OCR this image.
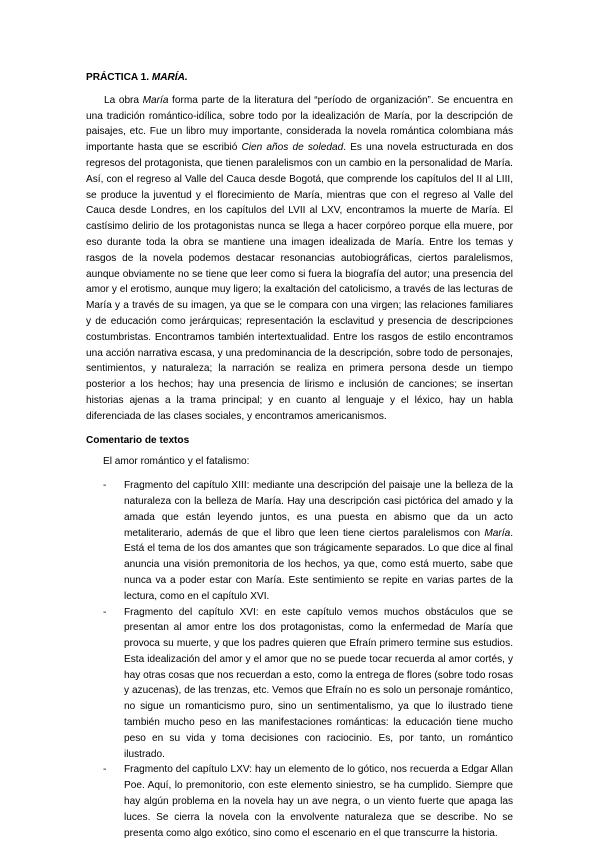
PRÁCTICA 1. MARÍA.

La obra María forma parte de la literatura del “período de organización”. Se encuentra en una tradición romántico-idílica, sobre todo por la idealización de María, por la descripción de paisajes, etc. Fue un libro muy importante, considerada la novela romántica colombiana más importante hasta que se escribió Cien años de soledad. Es una novela estructurada en dos regresos del protagonista, que tienen paralelismos con un cambio en la personalidad de María. Así, con el regreso al Valle del Cauca desde Bogotá, que comprende los capítulos del II al LIII, se produce la juventud y el florecimiento de María, mientras que con el regreso al Valle del Cauca desde Londres, en los capítulos del LVII al LXV, encontramos la muerte de María. El castísimo delirio de los protagonistas nunca se llega a hacer corpóreo porque ella muere, por eso durante toda la obra se mantiene una imagen idealizada de María. Entre los temas y rasgos de la novela podemos destacar resonancias autobiográficas, ciertos paralelismos, aunque obviamente no se tiene que leer como si fuera la biografía del autor; una presencia del amor y el erotismo, aunque muy ligero; la exaltación del catolicismo, a través de las lecturas de María y a través de su imagen, ya que se le compara con una virgen; las relaciones familiares y de educación como jerárquicas; representación la esclavitud y presencia de descripciones costumbristas. Encontramos también intertextualidad. Entre los rasgos de estilo encontramos una acción narrativa escasa, y una predominancia de la descripción, sobre todo de personajes, sentimientos, y naturaleza; la narración se realiza en primera persona desde un tiempo posterior a los hechos; hay una presencia de lirismo e inclusión de canciones; se insertan historias ajenas a la trama principal; y en cuanto al lenguaje y el léxico, hay un habla diferenciada de las clases sociales, y encontramos americanismos.

Comentario de textos

El amor romántico y el fatalismo:

- Fragmento del capítulo XIII: mediante una descripción del paisaje une la belleza de la naturaleza con la belleza de María. Hay una descripción casi pictórica del amado y la amada que están leyendo juntos, es una puesta en abismo que da un acto metaliterario, además de que el libro que leen tiene ciertos paralelismos con María. Está el tema de los dos amantes que son trágicamente separados. Lo que dice al final anuncia una visión premonitoria de los hechos, ya que, como está muerto, sabe que nunca va a poder estar con María. Este sentimiento se repite en varias partes de la lectura, como en el capítulo XVI.
- Fragmento del capítulo XVI: en este capítulo vemos muchos obstáculos que se presentan al amor entre los dos protagonistas, como la enfermedad de María que provoca su muerte, y que los padres quieren que Efraín primero termine sus estudios. Esta idealización del amor y el amor que no se puede tocar recuerda al amor cortés, y hay otras cosas que nos recuerdan a esto, como la entrega de flores (sobre todo rosas y azucenas), de las trenzas, etc. Vemos que Efraín no es solo un personaje romántico, no sigue un romanticismo puro, sino un sentimentalismo, ya que lo ilustrado tiene también mucho peso en las manifestaciones románticas: la educación tiene mucho peso en su vida y toma decisiones con raciocinio. Es, por tanto, un romántico ilustrado.
- Fragmento del capítulo LXV: hay un elemento de lo gótico, nos recuerda a Edgar Allan Poe. Aquí, lo premonitorio, con este elemento siniestro, se ha cumplido. Siempre que hay algún problema en la novela hay un ave negra, o un viento fuerte que apaga las luces. Se cierra la novela con la envolvente naturaleza que se describe. No se presenta como algo exótico, sino como el escenario en el que transcurre la historia.
